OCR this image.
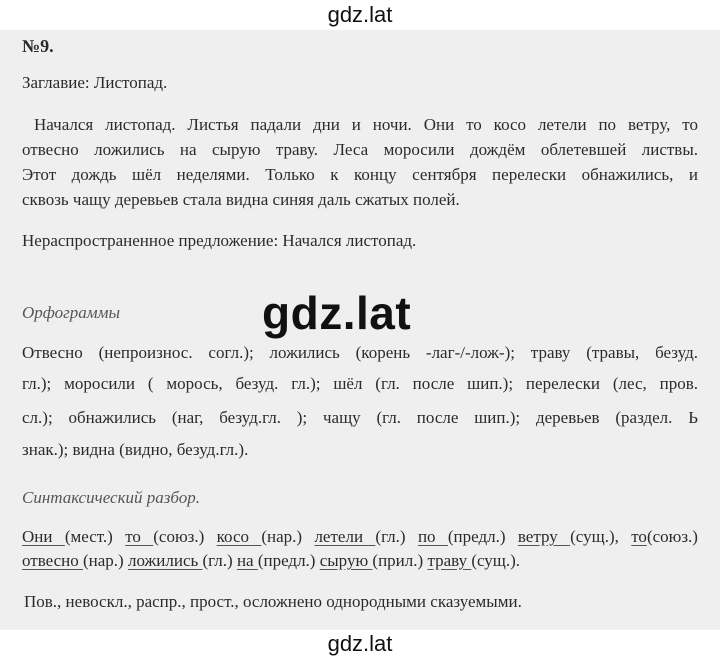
gdz.lat
№9.
Заглавие: Листопад.
Начался листопад. Листья падали дни и ночи. Они то косо летели по ветру, то
отвесно ложились на сырую траву. Леса моросили дождём облетевшей листвы.
Этот дождь шёл неделями. Только к концу сентября перелески обнажились, и
сквозь чащу деревьев стала видна синяя даль сжатых полей.
Нераспространенное предложение: Начался листопад.
Орфограммы
Отвесно (непроизнос. согл.); ложились (корень -лаг-/-лож-); траву (травы, безуд.
гл.); моросили ( морось, безуд. гл.); шёл (гл. после шип.); перелески (лес, пров.
сл.); обнажились (наг, безуд.гл. ); чащу (гл. после шип.); деревьев (раздел. Ь
знак.); видна (видно, безуд.гл.).
Синтаксический разбор.
Они (мест.) то (союз.) косо (нар.) летели (гл.) по (предл.) ветру (сущ.), то(союз.)
отвесно (нар.) ложились (гл.) на (предл.) сырую (прил.) траву (сущ.).
Пов., невоскл., распр., прост., осложнено однородными сказуемыми.
gdz.lat
gdz.lat
